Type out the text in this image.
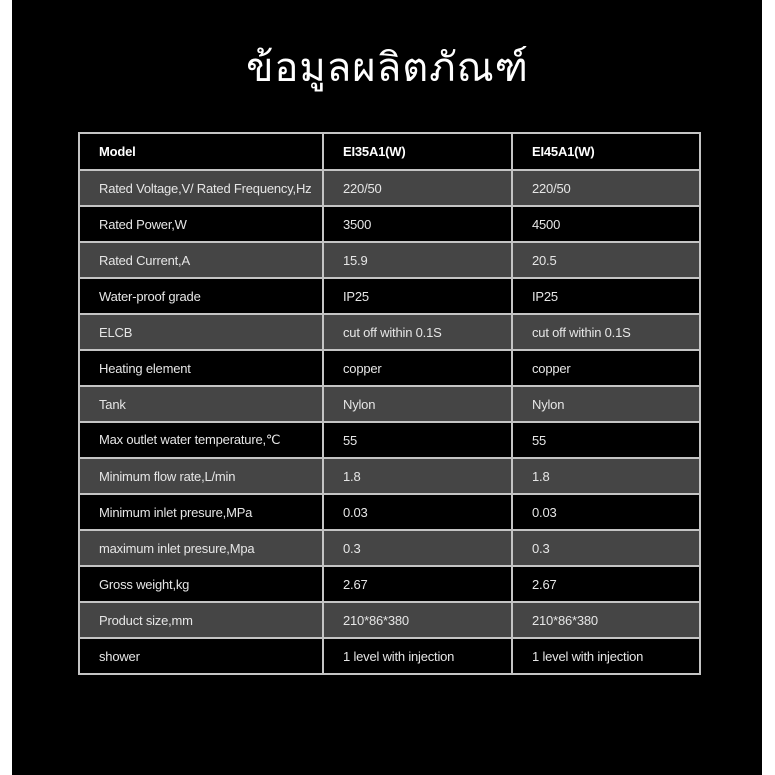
ข้อมูลผลิตภัณฑ์
Model	EI35A1(W)	EI45A1(W)
Rated Voltage,V/ Rated Frequency,Hz	220/50	220/50
Rated Power,W	3500	4500
Rated Current,A	15.9	20.5
Water-proof grade	IP25	IP25
ELCB	cut off within 0.1S	cut off within 0.1S
Heating element	copper	copper
Tank	Nylon	Nylon
Max outlet water temperature,℃	55	55
Minimum flow rate,L/min	1.8	1.8
Minimum inlet presure,MPa	0.03	0.03
maximum inlet presure,Mpa	0.3	0.3
Gross weight,kg	2.67	2.67
Product size,mm	210*86*380	210*86*380
shower	1 level with injection	1 level with injection
